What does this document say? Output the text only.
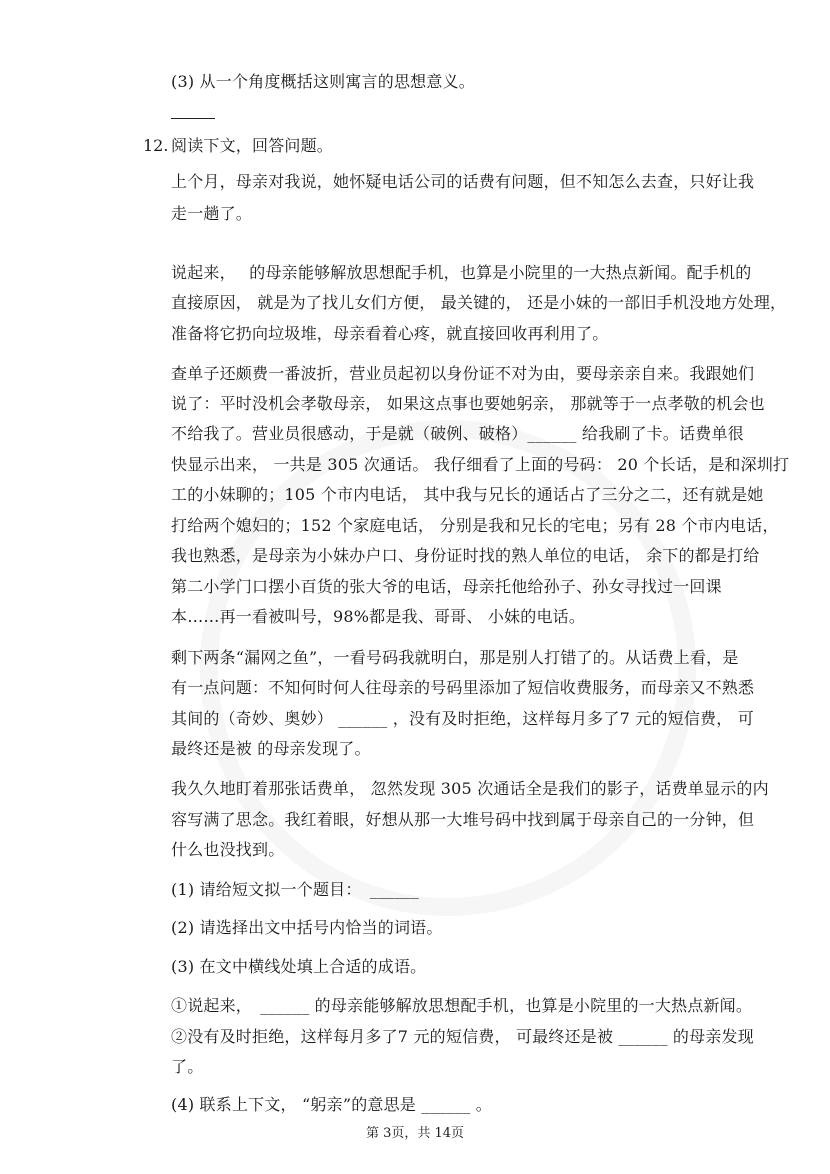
(3) 从一个角度概括这则寓言的思想意义。
12. 阅读下文，回答问题。
上个月，母亲对我说，她怀疑电话公司的话费有问题，但不知怎么去查，只好让我
走一趟了。
说起来，　 的母亲能够解放思想配手机，也算是小院里的一大热点新闻。配手机的
直接原因， 就是为了找儿女们方便， 最关键的， 还是小妹的一部旧手机没地方处理，
准备将它扔向垃圾堆，母亲看着心疼，就直接回收再利用了。
查单子还颇费一番波折，营业员起初以身份证不对为由，要母亲亲自来。我跟她们
说了：平时没机会孝敬母亲， 如果这点事也要她躬亲， 那就等于一点孝敬的机会也
不给我了。营业员很感动，于是就（破例、破格）______ 给我刷了卡。话费单很
快显示出来， 一共是 305 次通话。 我仔细看了上面的号码： 20 个长话，是和深圳打
工的小妹聊的；105 个市内电话， 其中我与兄长的通话占了三分之二，还有就是她
打给两个媳妇的；152 个家庭电话， 分别是我和兄长的宅电；另有 28 个市内电话，
我也熟悉，是母亲为小妹办户口、身份证时找的熟人单位的电话， 余下的都是打给
第二小学门口摆小百货的张大爷的电话，母亲托他给孙子、孙女寻找过一回课
本……再一看被叫号，98%都是我、哥哥、 小妹的电话。
剩下两条“漏网之鱼”，一看号码我就明白，那是别人打错了的。从话费上看，是
有一点问题：不知何时何人往母亲的号码里添加了短信收费服务，而母亲又不熟悉
其间的（奇妙、奥妙） ______ ，没有及时拒绝，这样每月多了7 元的短信费， 可
最终还是被 的母亲发现了。
我久久地盯着那张话费单， 忽然发现 305 次通话全是我们的影子，话费单显示的内
容写满了思念。我红着眼，好想从那一大堆号码中找到属于母亲自己的一分钟，但
什么也没找到。
(1) 请给短文拟一个题目：　______
(2) 请选择出文中括号内恰当的词语。
(3) 在文中横线处填上合适的成语。
①说起来，　______ 的母亲能够解放思想配手机，也算是小院里的一大热点新闻。
②没有及时拒绝，这样每月多了7 元的短信费， 可最终还是被 ______ 的母亲发现
了。
(4) 联系上下文， “躬亲”的意思是 ______ 。
第 3页，共 14页
